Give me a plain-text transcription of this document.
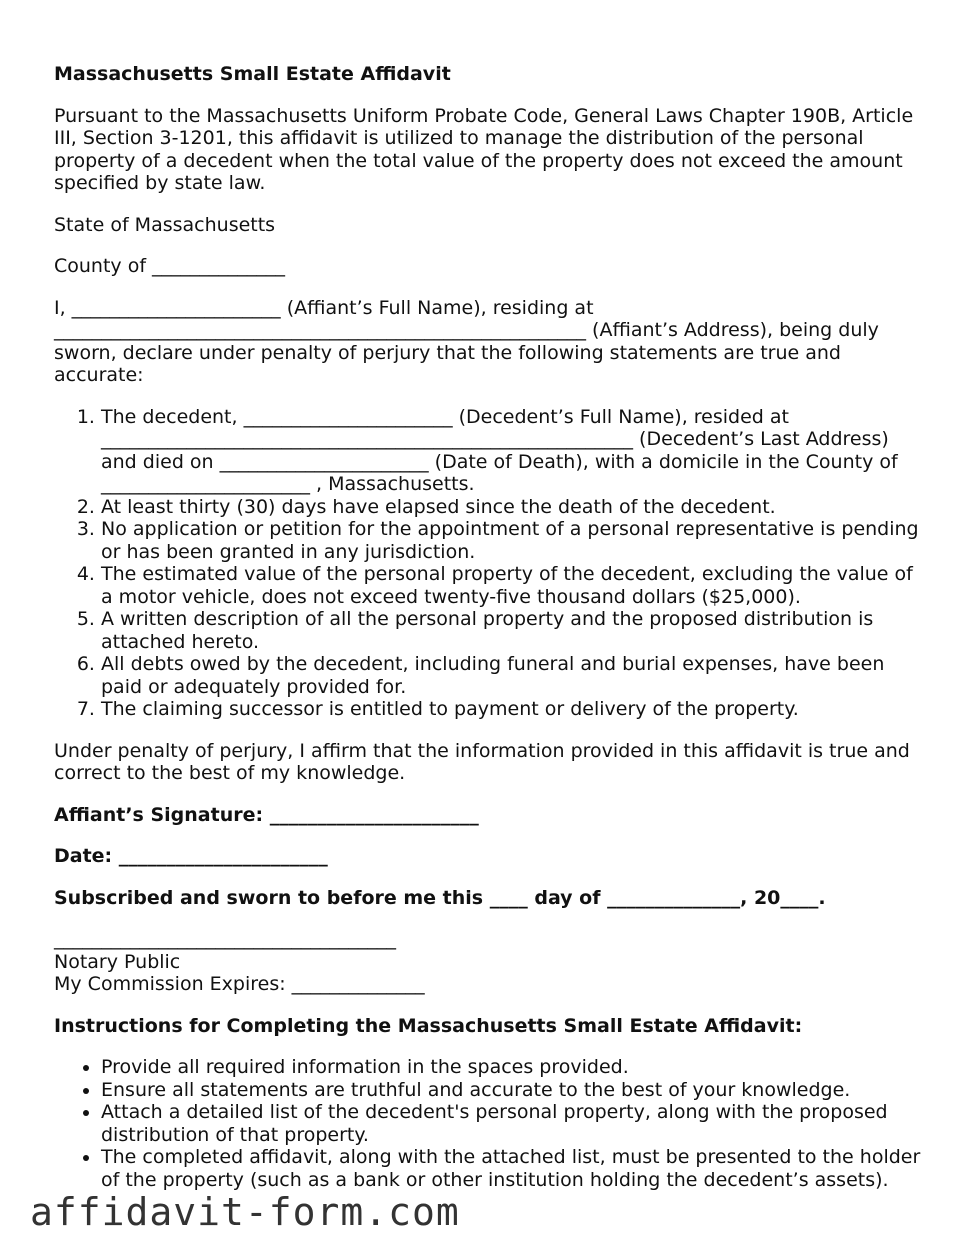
Massachusetts Small Estate Affidavit

Pursuant to the Massachusetts Uniform Probate Code, General Laws Chapter 190B, Article III, Section 3-1201, this affidavit is utilized to manage the distribution of the personal property of a decedent when the total value of the property does not exceed the amount specified by state law.

State of Massachusetts

County of ______________

I, ______________________ (Affiant’s Full Name), residing at ________________________________________________________ (Affiant’s Address), being duly sworn, declare under penalty of perjury that the following statements are true and accurate:

1. The decedent, ______________________ (Decedent’s Full Name), resided at ________________________________________________________ (Decedent’s Last Address) and died on ______________________ (Date of Death), with a domicile in the County of ______________________ , Massachusetts.
2. At least thirty (30) days have elapsed since the death of the decedent.
3. No application or petition for the appointment of a personal representative is pending or has been granted in any jurisdiction.
4. The estimated value of the personal property of the decedent, excluding the value of a motor vehicle, does not exceed twenty-five thousand dollars ($25,000).
5. A written description of all the personal property and the proposed distribution is attached hereto.
6. All debts owed by the decedent, including funeral and burial expenses, have been paid or adequately provided for.
7. The claiming successor is entitled to payment or delivery of the property.

Under penalty of perjury, I affirm that the information provided in this affidavit is true and correct to the best of my knowledge.

Affiant’s Signature: ______________________

Date: ______________________

Subscribed and sworn to before me this ____ day of ______________, 20____.

____________________________________

Notary Public

My Commission Expires: ______________

Instructions for Completing the Massachusetts Small Estate Affidavit:

• Provide all required information in the spaces provided.
• Ensure all statements are truthful and accurate to the best of your knowledge.
• Attach a detailed list of the decedent's personal property, along with the proposed distribution of that property.
• The completed affidavit, along with the attached list, must be presented to the holder of the property (such as a bank or other institution holding the decedent’s assets).
affidavit-form.com
